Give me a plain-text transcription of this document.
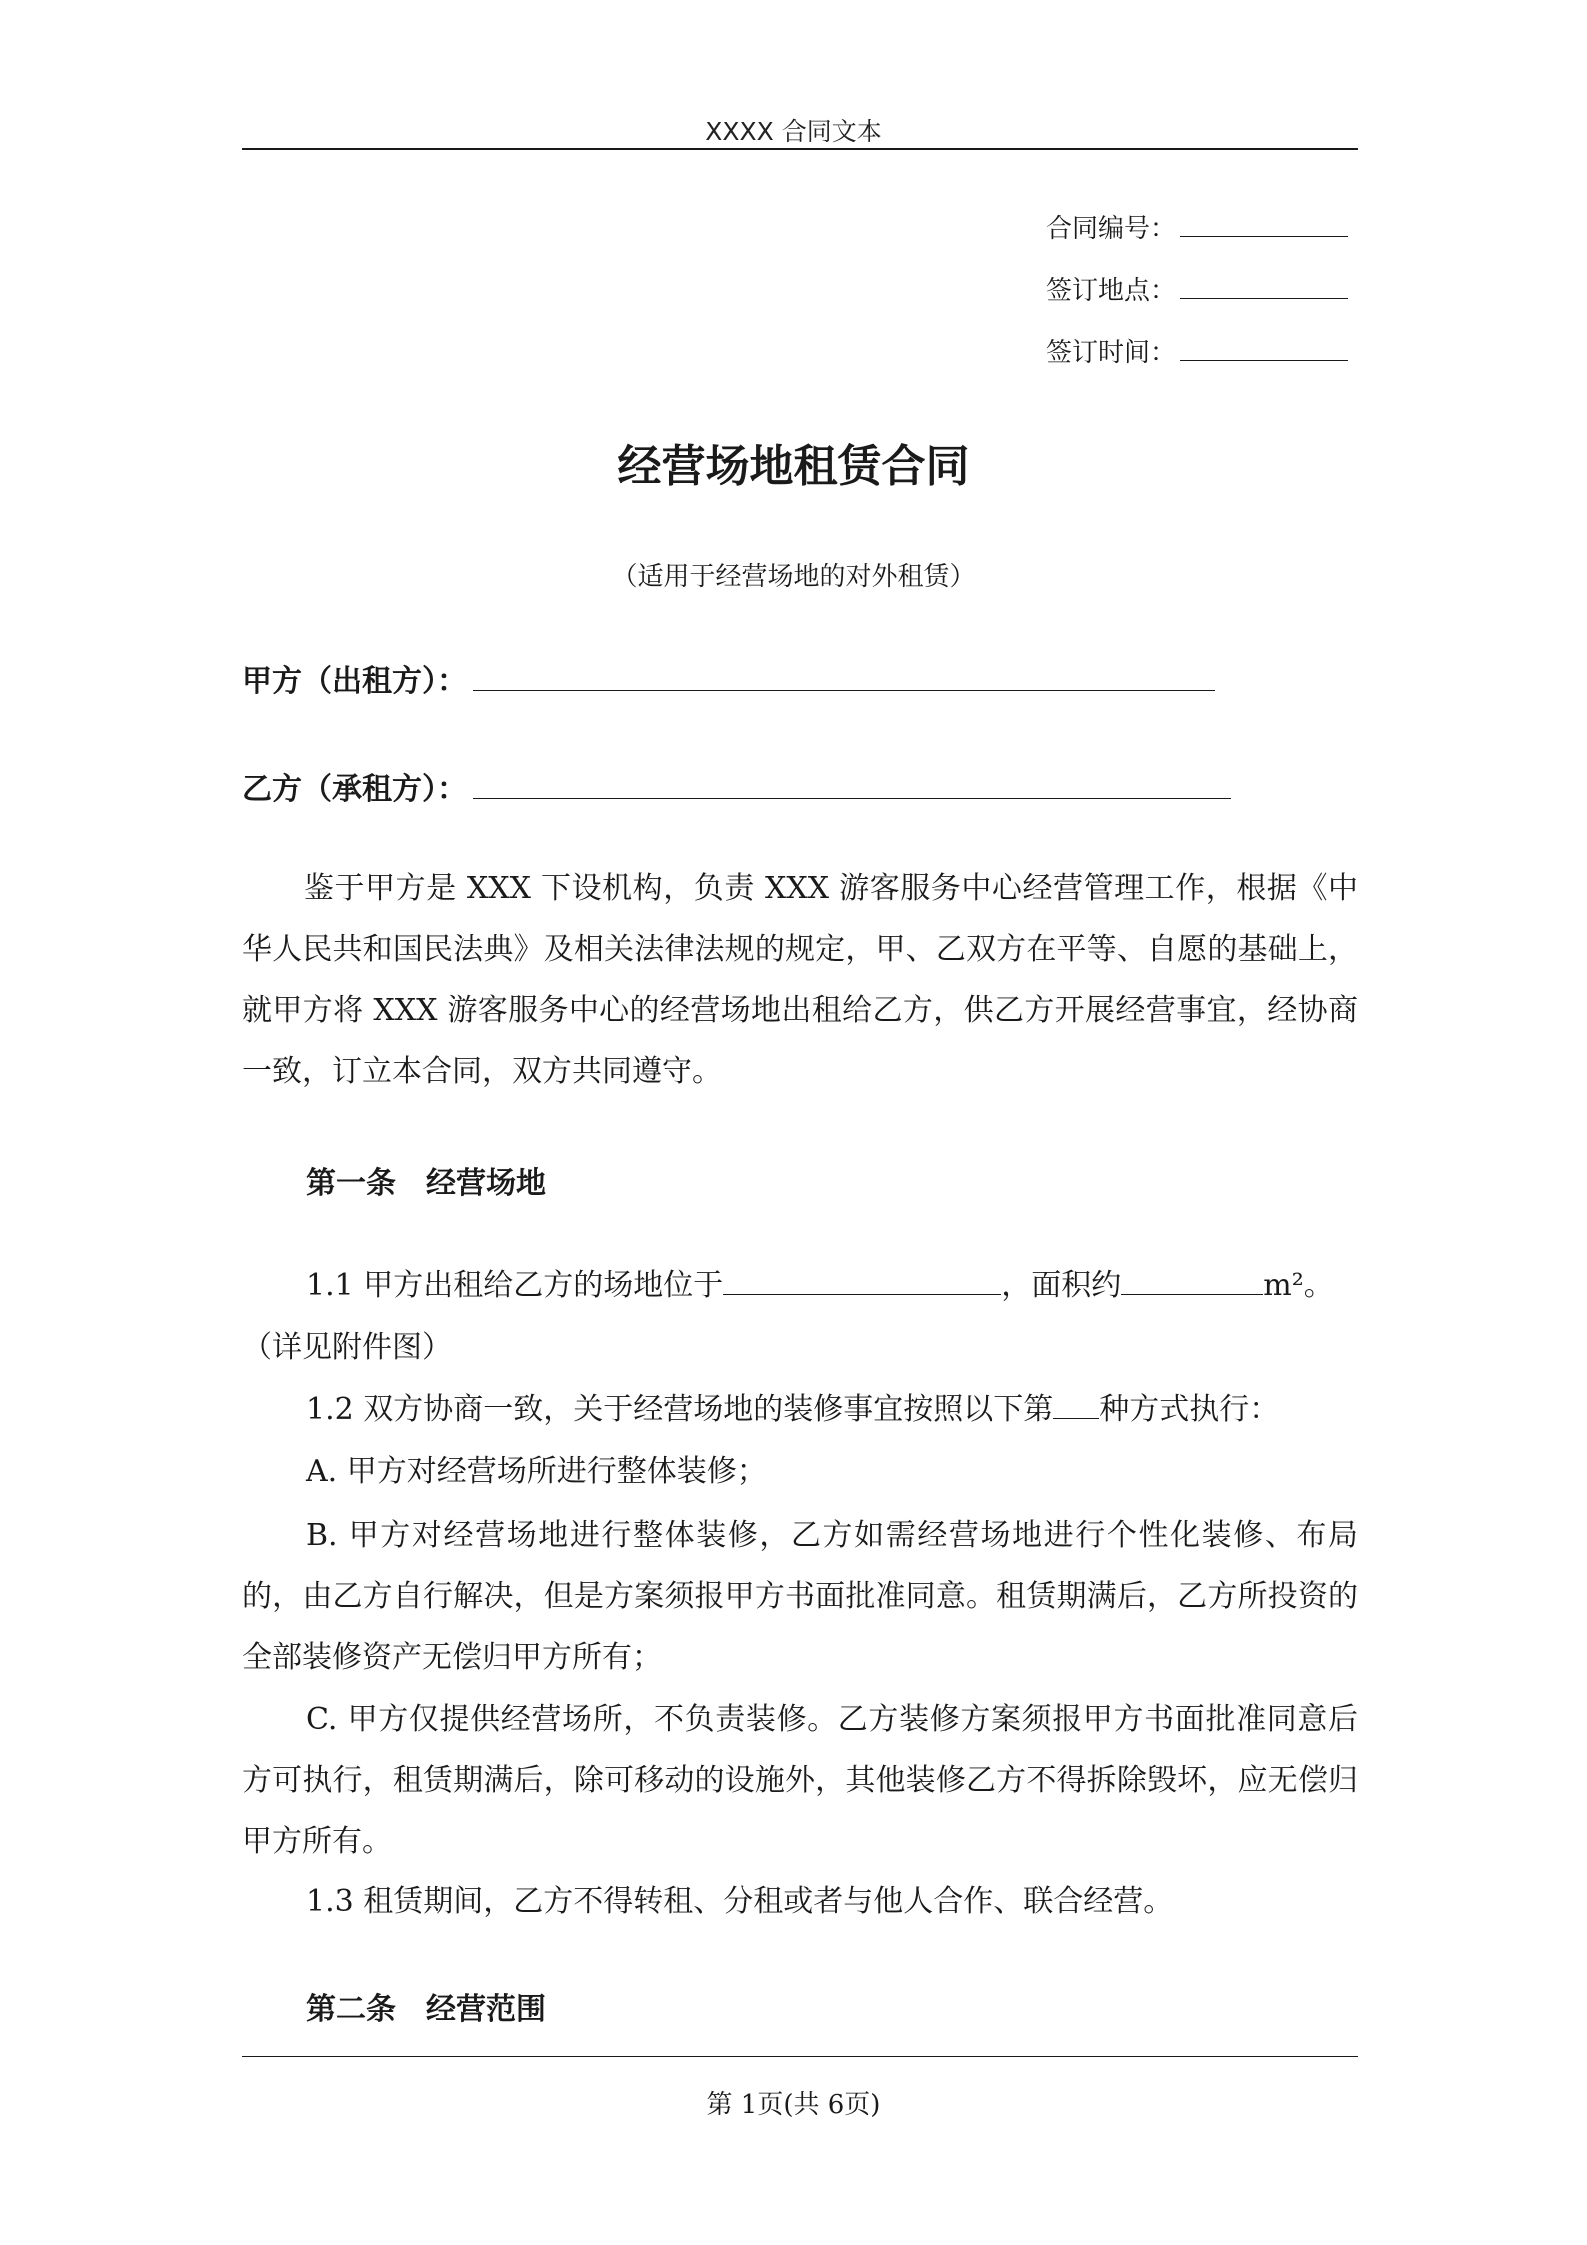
XXXX 合同文本
合同编号：
签订地点：
签订时间：
经营场地租赁合同
（适用于经营场地的对外租赁）
甲方（出租方）：
乙方（承租方）：
鉴于甲方是 XXX 下设机构，负责 XXX 游客服务中心经营管理工作，根据《中华人民共和国民法典》及相关法律法规的规定，甲、乙双方在平等、自愿的基础上，就甲方将 XXX 游客服务中心的经营场地出租给乙方，供乙方开展经营事宜，经协商一致，订立本合同，双方共同遵守。
第一条　经营场地
1.1 甲方出租给乙方的场地位于	，面积约	m²。
（详见附件图）
1.2 双方协商一致，关于经营场地的装修事宜按照以下第 种方式执行：
A. 甲方对经营场所进行整体装修；
B. 甲方对经营场地进行整体装修，乙方如需经营场地进行个性化装修、布局的，由乙方自行解决，但是方案须报甲方书面批准同意。租赁期满后，乙方所投资的全部装修资产无偿归甲方所有；
C. 甲方仅提供经营场所，不负责装修。乙方装修方案须报甲方书面批准同意后方可执行，租赁期满后，除可移动的设施外，其他装修乙方不得拆除毁坏，应无偿归甲方所有。
1.3 租赁期间，乙方不得转租、分租或者与他人合作、联合经营。
第二条　经营范围
第 1页(共 6页)
